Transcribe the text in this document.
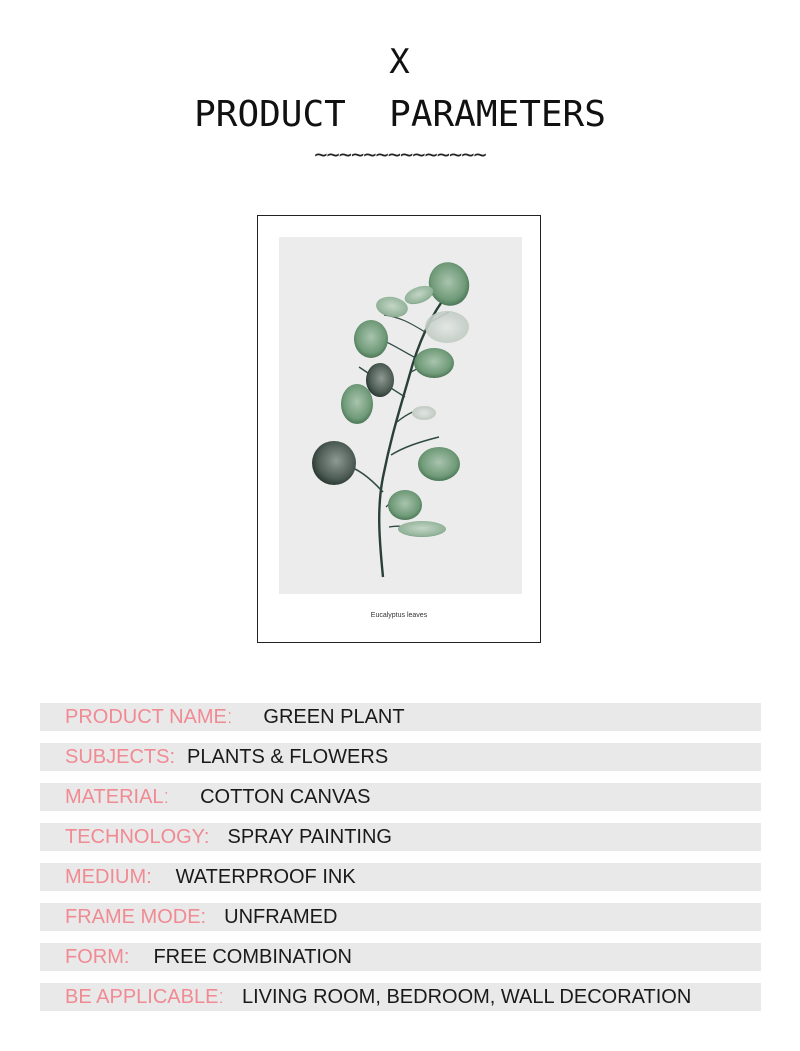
X
PRODUCT  PARAMETERS
~~~~~~~~~~~~~~
Eucalyptus leaves
PRODUCT NAMEː GREEN PLANT
SUBJECTS: PLANTS & FLOWERS
MATERIALː COTTON CANVAS
TECHNOLOGY: SPRAY PAINTING
MEDIUM: WATERPROOF INK
FRAME MODE: UNFRAMED
FORM: FREE COMBINATION
BE APPLICABLEː LIVING ROOM, BEDROOM, WALL DECORATION
